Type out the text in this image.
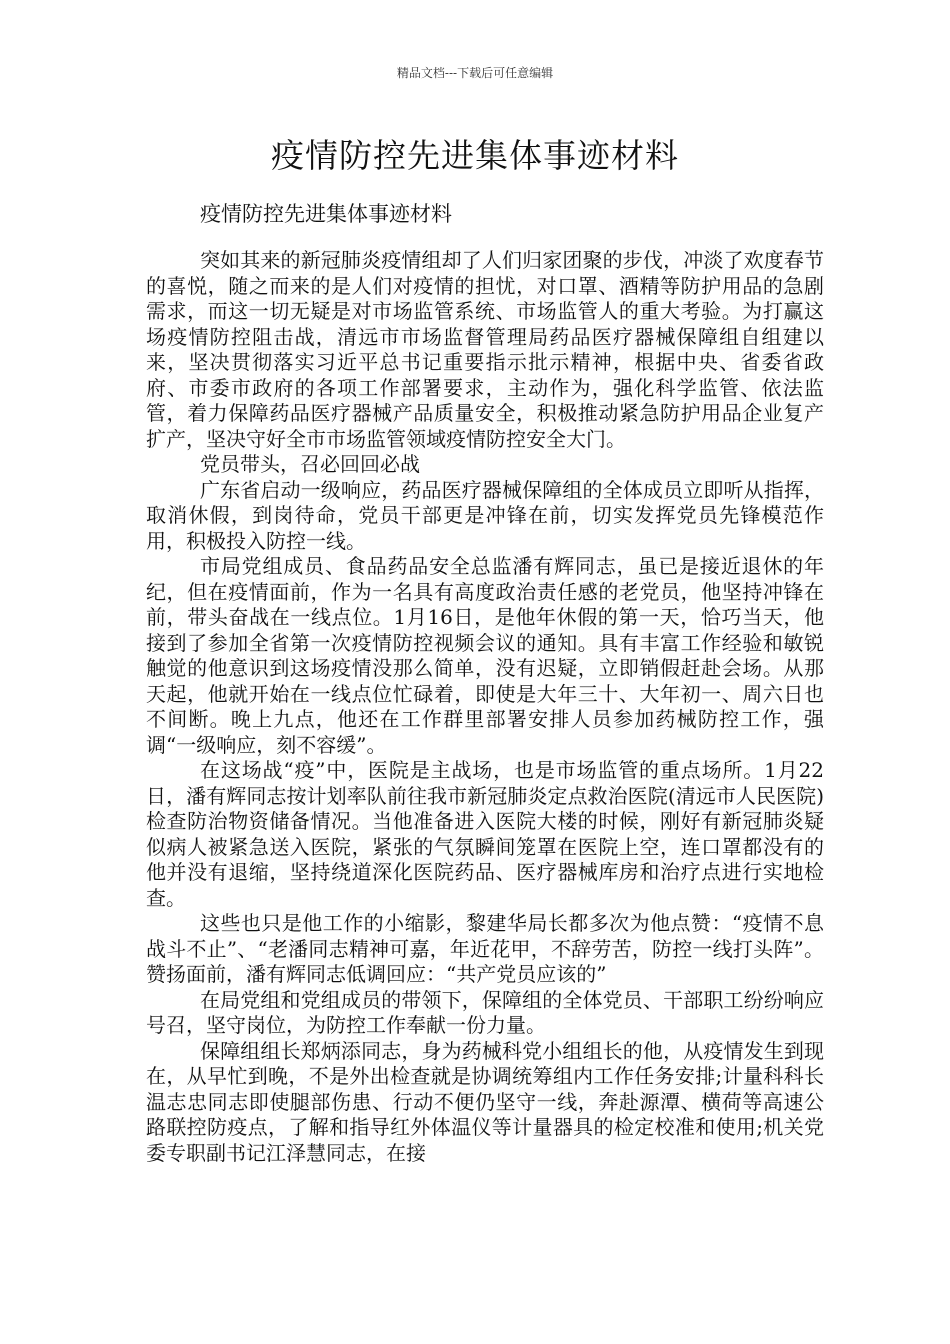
精品文档---下载后可任意编辑
疫情防控先进集体事迹材料

疫情防控先进集体事迹材料

突如其来的新冠肺炎疫情组却了人们归家团聚的步伐，冲淡了欢度春节的喜悦，随之而来的是人们对疫情的担忧，对口罩、酒精等防护用品的急剧需求，而这一切无疑是对市场监管系统、市场监管人的重大考验。为打赢这场疫情防控阻击战，清远市市场监督管理局药品医疗器械保障组自组建以来，坚决贯彻落实习近平总书记重要指示批示精神，根据中央、省委省政府、市委市政府的各项工作部署要求，主动作为，强化科学监管、依法监管，着力保障药品医疗器械产品质量安全，积极推动紧急防护用品企业复产扩产，坚决守好全市市场监管领域疫情防控安全大门。

党员带头，召必回回必战

广东省启动一级响应，药品医疗器械保障组的全体成员立即听从指挥，取消休假，到岗待命，党员干部更是冲锋在前，切实发挥党员先锋模范作用，积极投入防控一线。

市局党组成员、食品药品安全总监潘有辉同志，虽已是接近退休的年纪，但在疫情面前，作为一名具有高度政治责任感的老党员，他坚持冲锋在前，带头奋战在一线点位。1月16日，是他年休假的第一天，恰巧当天，他接到了参加全省第一次疫情防控视频会议的通知。具有丰富工作经验和敏锐触觉的他意识到这场疫情没那么简单，没有迟疑，立即销假赶赴会场。从那天起，他就开始在一线点位忙碌着，即使是大年三十、大年初一、周六日也不间断。晚上九点，他还在工作群里部署安排人员参加药械防控工作，强调“一级响应，刻不容缓”。

在这场战“疫”中，医院是主战场，也是市场监管的重点场所。1月22日，潘有辉同志按计划率队前往我市新冠肺炎定点救治医院(清远市人民医院)检查防治物资储备情况。当他准备进入医院大楼的时候，刚好有新冠肺炎疑似病人被紧急送入医院，紧张的气氛瞬间笼罩在医院上空，连口罩都没有的他并没有退缩，坚持绕道深化医院药品、医疗器械库房和治疗点进行实地检查。

这些也只是他工作的小缩影，黎建华局长都多次为他点赞：“疫情不息战斗不止”、“老潘同志精神可嘉，年近花甲，不辞劳苦，防控一线打头阵”。赞扬面前，潘有辉同志低调回应：“共产党员应该的”

在局党组和党组成员的带领下，保障组的全体党员、干部职工纷纷响应号召，坚守岗位，为防控工作奉献一份力量。

保障组组长郑炳添同志，身为药械科党小组组长的他，从疫情发生到现在，从早忙到晚，不是外出检查就是协调统筹组内工作任务安排;计量科科长温志忠同志即使腿部伤患、行动不便仍坚守一线，奔赴源潭、横荷等高速公路联控防疫点，了解和指导红外体温仪等计量器具的检定校准和使用;机关党委专职副书记江泽慧同志，在接
